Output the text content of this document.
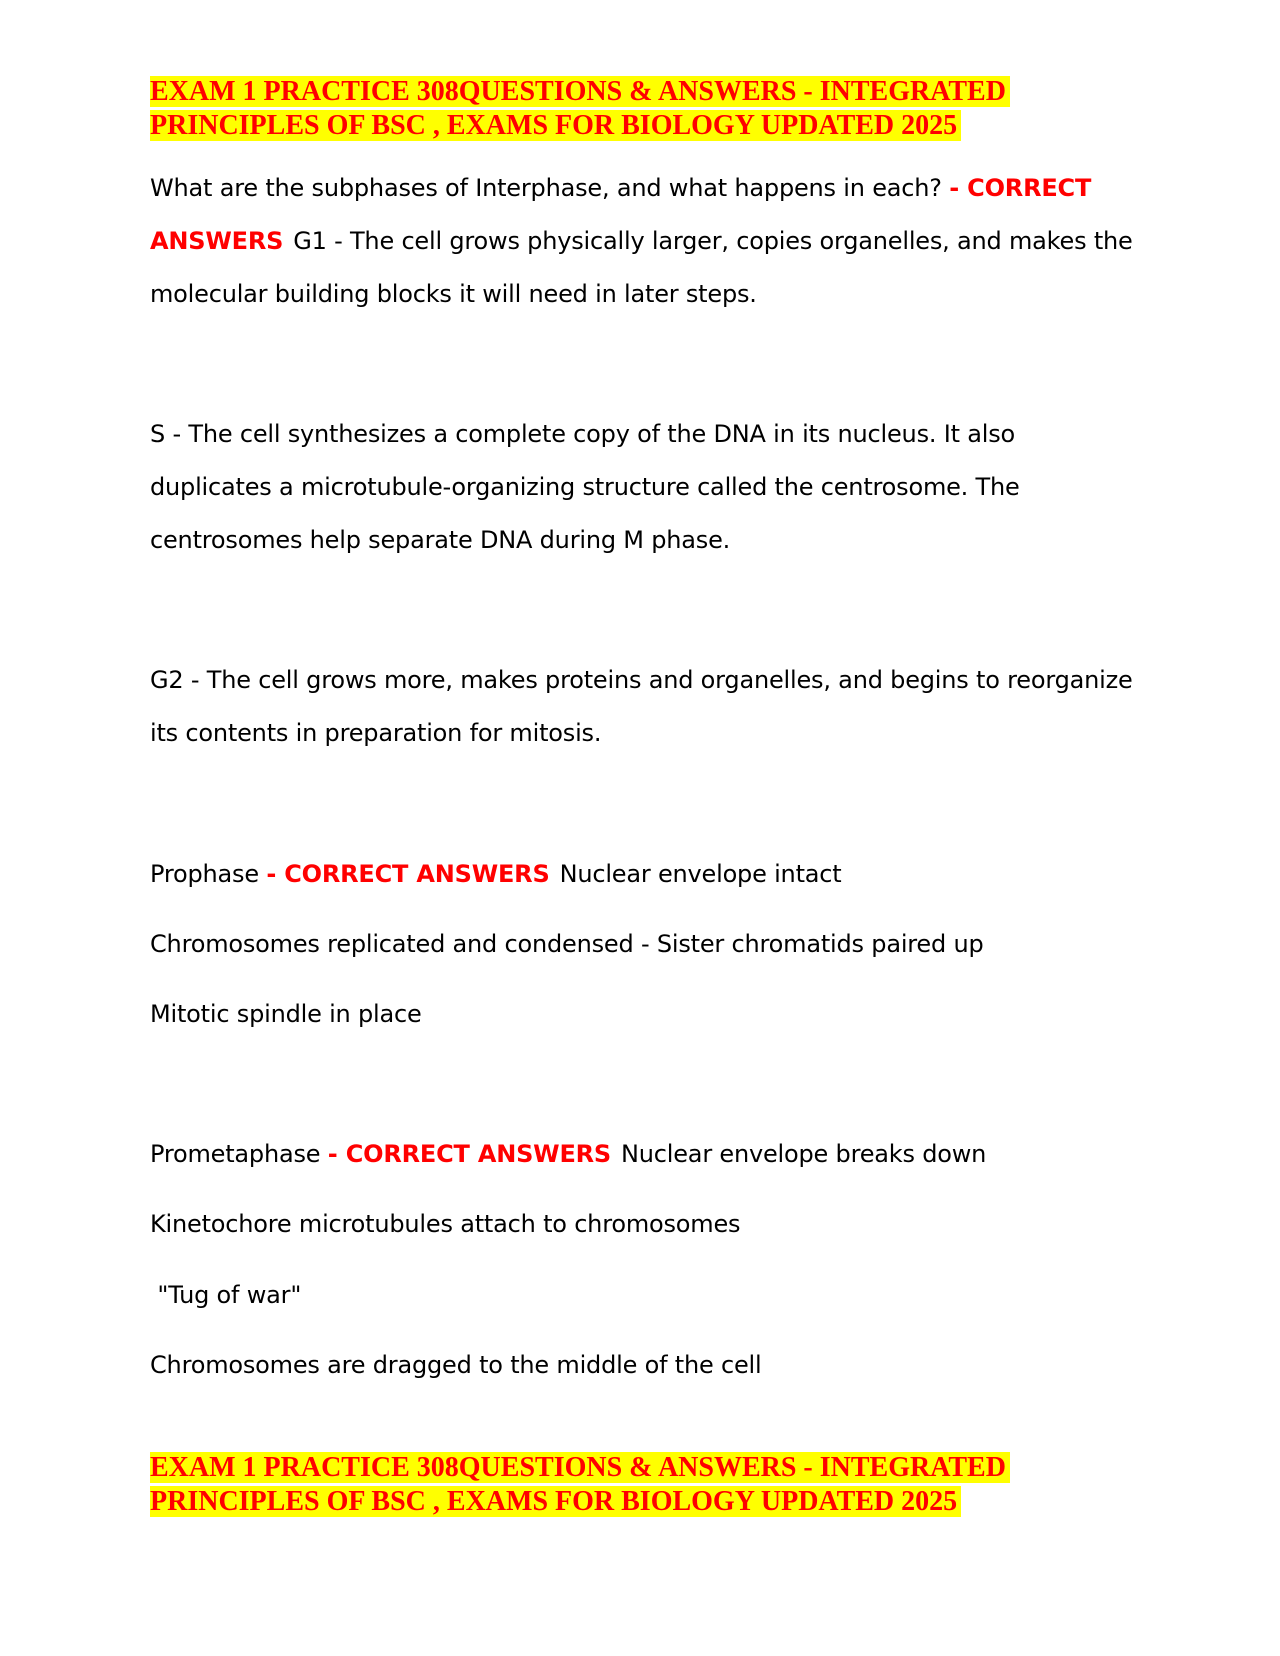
EXAM 1 PRACTICE 308QUESTIONS & ANSWERS - INTEGRATED
PRINCIPLES OF BSC , EXAMS FOR BIOLOGY UPDATED 2025
What are the subphases of Interphase, and what happens in each? - CORRECT
ANSWERS G1 - The cell grows physically larger, copies organelles, and makes the
molecular building blocks it will need in later steps.
S - The cell synthesizes a complete copy of the DNA in its nucleus. It also
duplicates a microtubule-organizing structure called the centrosome. The
centrosomes help separate DNA during M phase.
G2 - The cell grows more, makes proteins and organelles, and begins to reorganize
its contents in preparation for mitosis.
Prophase - CORRECT ANSWERS Nuclear envelope intact
Chromosomes replicated and condensed - Sister chromatids paired up
Mitotic spindle in place
Prometaphase - CORRECT ANSWERS Nuclear envelope breaks down
Kinetochore microtubules attach to chromosomes
"Tug of war"
Chromosomes are dragged to the middle of the cell
EXAM 1 PRACTICE 308QUESTIONS & ANSWERS - INTEGRATED
PRINCIPLES OF BSC , EXAMS FOR BIOLOGY UPDATED 2025
